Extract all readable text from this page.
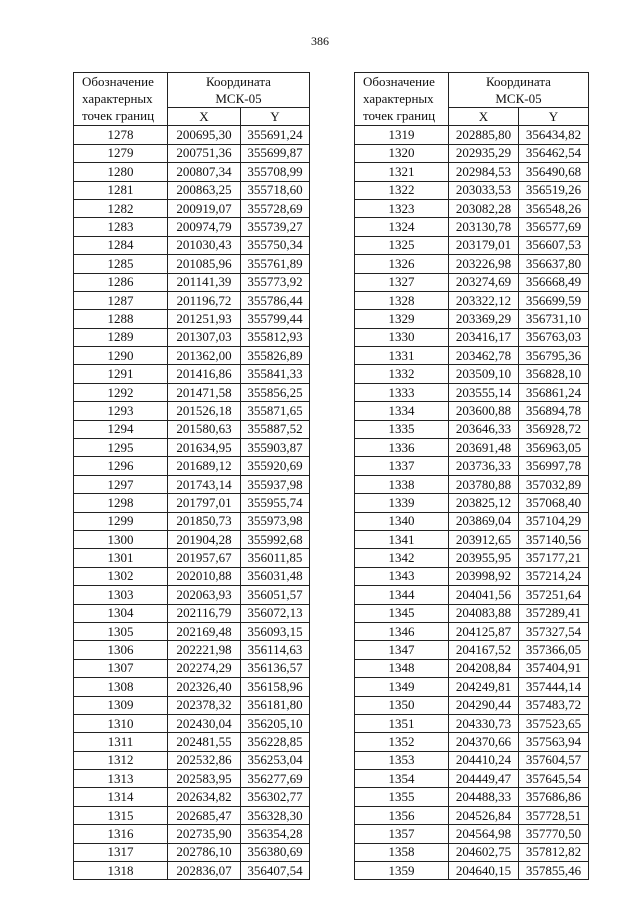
386
Обозначение
характерных
точек границ	Координата
МСК-05	

	X	Y
1278	200695,30	355691,24
1279	200751,36	355699,87
1280	200807,34	355708,99
1281	200863,25	355718,60
1282	200919,07	355728,69
1283	200974,79	355739,27
1284	201030,43	355750,34
1285	201085,96	355761,89
1286	201141,39	355773,92
1287	201196,72	355786,44
1288	201251,93	355799,44
1289	201307,03	355812,93
1290	201362,00	355826,89
1291	201416,86	355841,33
1292	201471,58	355856,25
1293	201526,18	355871,65
1294	201580,63	355887,52
1295	201634,95	355903,87
1296	201689,12	355920,69
1297	201743,14	355937,98
1298	201797,01	355955,74
1299	201850,73	355973,98
1300	201904,28	355992,68
1301	201957,67	356011,85
1302	202010,88	356031,48
1303	202063,93	356051,57
1304	202116,79	356072,13
1305	202169,48	356093,15
1306	202221,98	356114,63
1307	202274,29	356136,57
1308	202326,40	356158,96
1309	202378,32	356181,80
1310	202430,04	356205,10
1311	202481,55	356228,85
1312	202532,86	356253,04
1313	202583,95	356277,69
1314	202634,82	356302,77
1315	202685,47	356328,30
1316	202735,90	356354,28
1317	202786,10	356380,69
1318	202836,07	356407,54
Обозначение
характерных
точек границ	Координата
МСК-05	

	X	Y
1319	202885,80	356434,82
1320	202935,29	356462,54
1321	202984,53	356490,68
1322	203033,53	356519,26
1323	203082,28	356548,26
1324	203130,78	356577,69
1325	203179,01	356607,53
1326	203226,98	356637,80
1327	203274,69	356668,49
1328	203322,12	356699,59
1329	203369,29	356731,10
1330	203416,17	356763,03
1331	203462,78	356795,36
1332	203509,10	356828,10
1333	203555,14	356861,24
1334	203600,88	356894,78
1335	203646,33	356928,72
1336	203691,48	356963,05
1337	203736,33	356997,78
1338	203780,88	357032,89
1339	203825,12	357068,40
1340	203869,04	357104,29
1341	203912,65	357140,56
1342	203955,95	357177,21
1343	203998,92	357214,24
1344	204041,56	357251,64
1345	204083,88	357289,41
1346	204125,87	357327,54
1347	204167,52	357366,05
1348	204208,84	357404,91
1349	204249,81	357444,14
1350	204290,44	357483,72
1351	204330,73	357523,65
1352	204370,66	357563,94
1353	204410,24	357604,57
1354	204449,47	357645,54
1355	204488,33	357686,86
1356	204526,84	357728,51
1357	204564,98	357770,50
1358	204602,75	357812,82
1359	204640,15	357855,46
